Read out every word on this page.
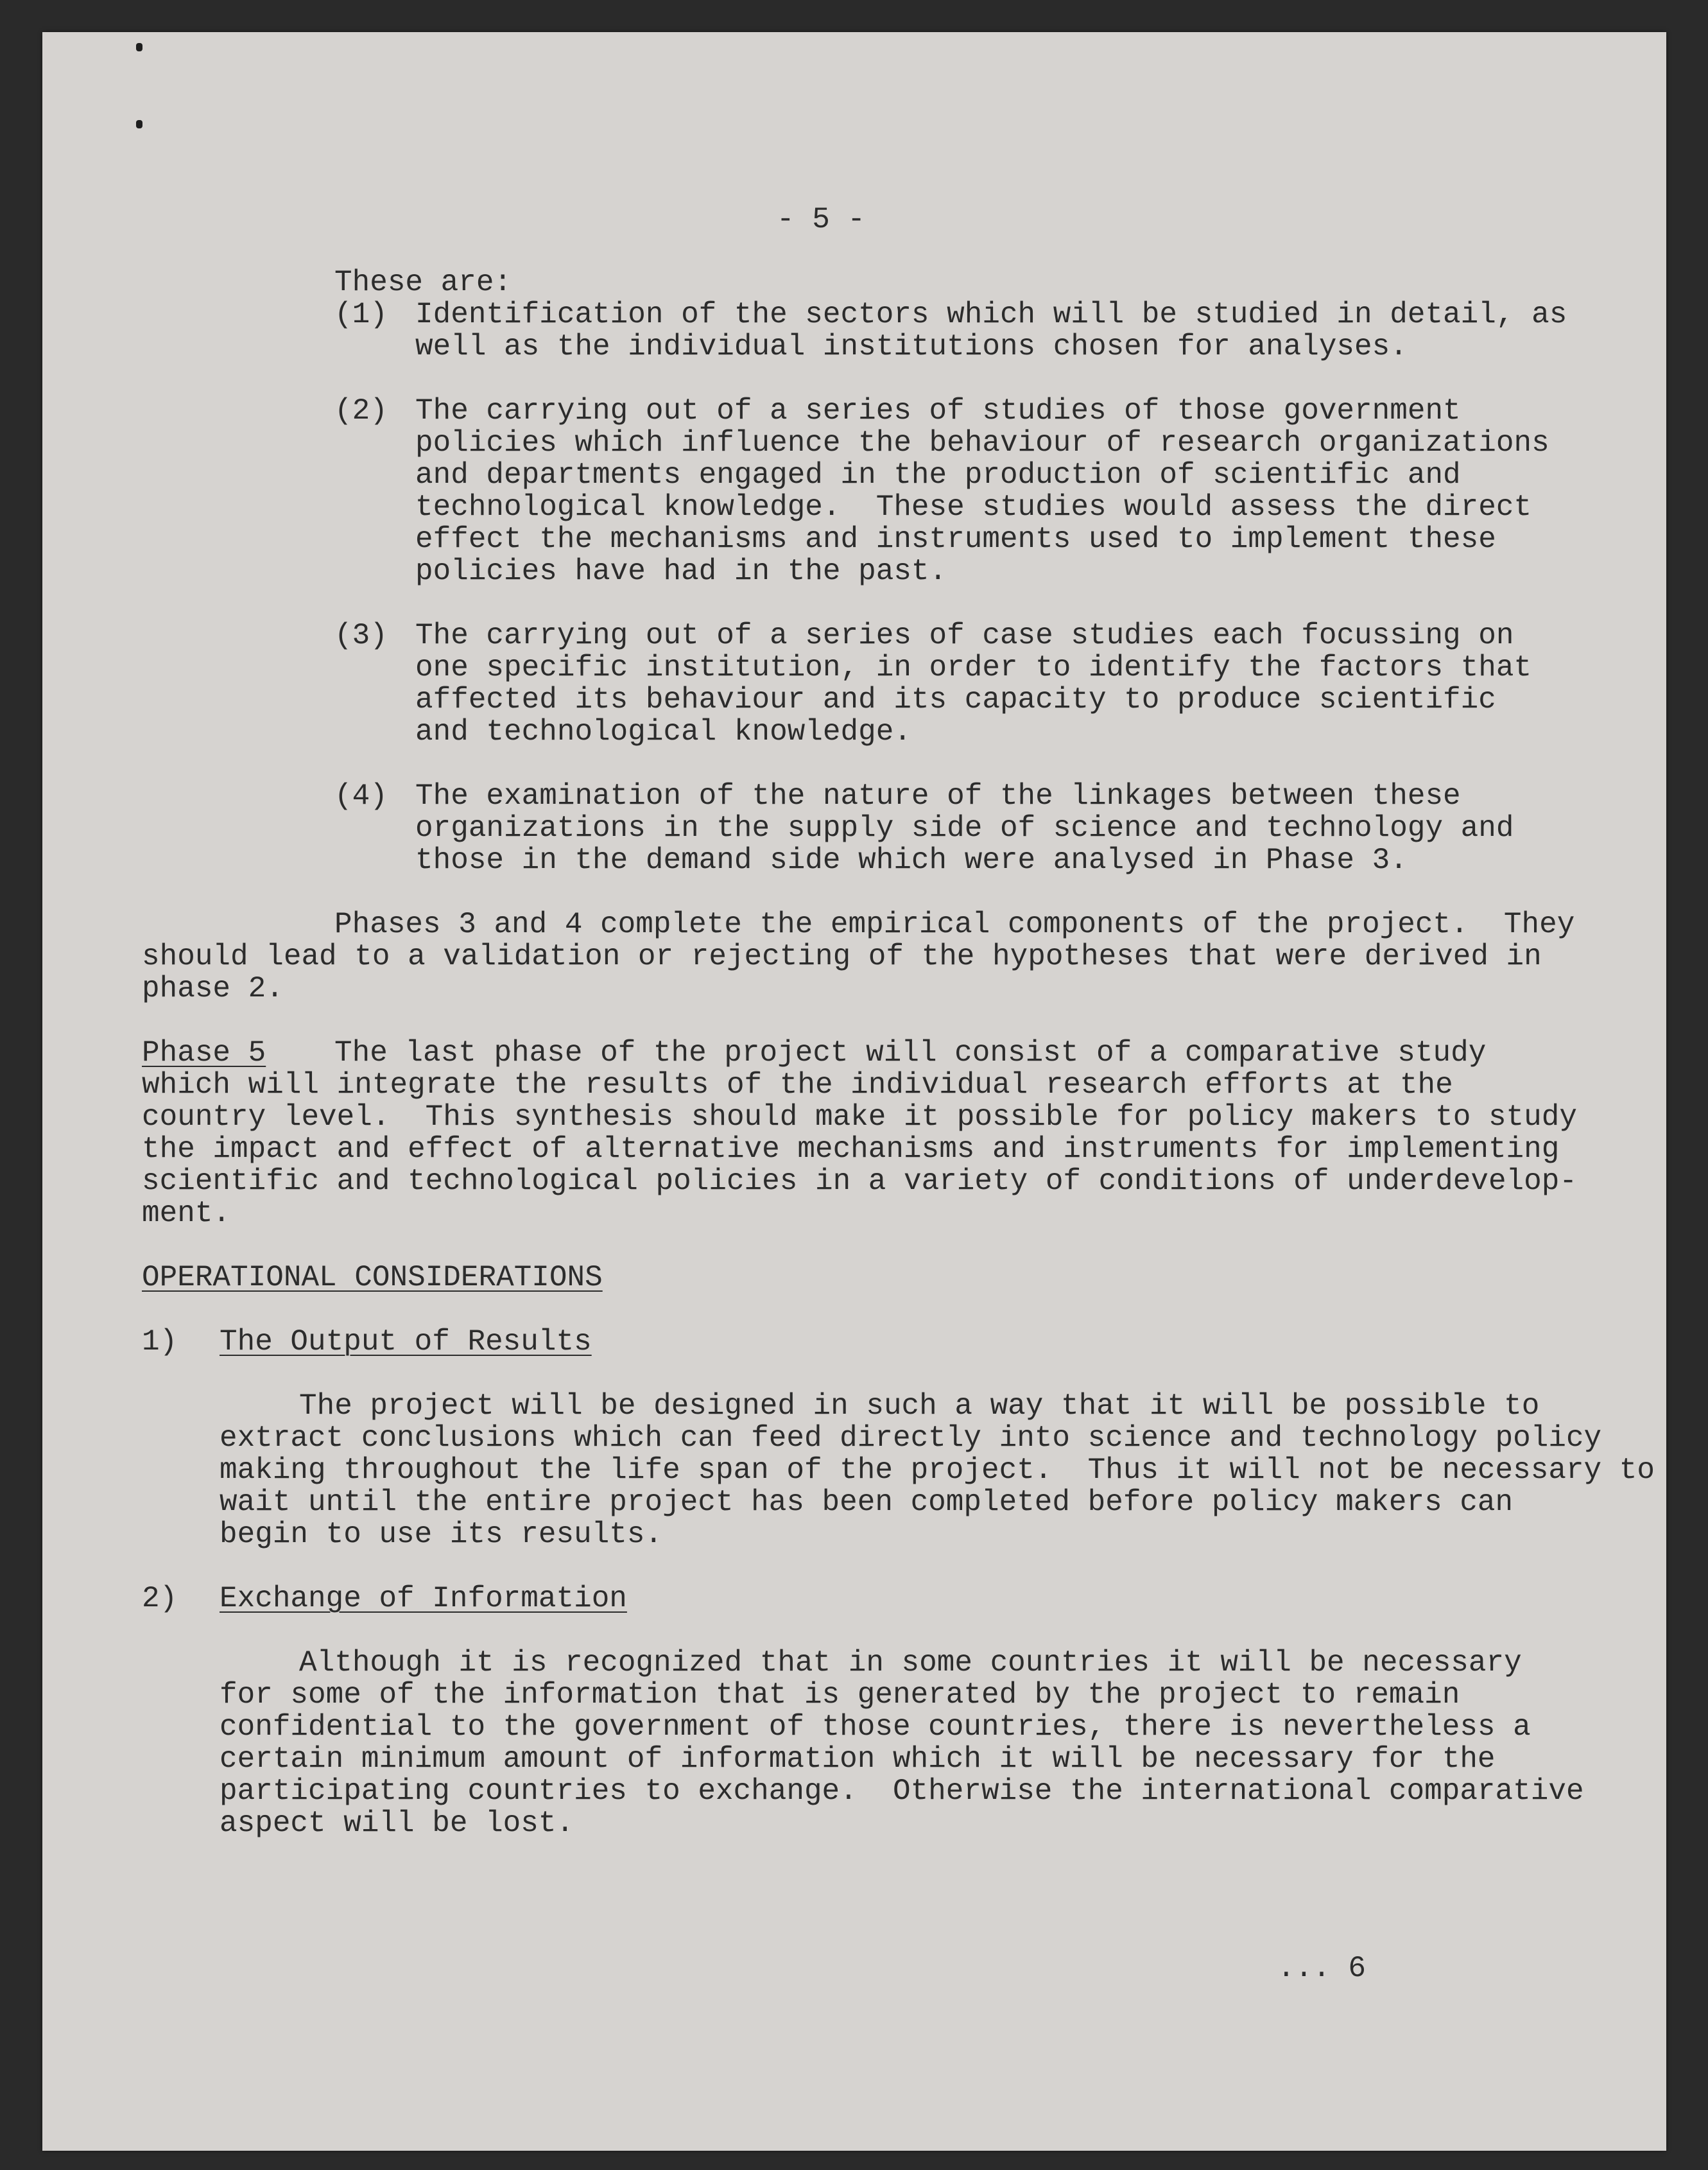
- 5 -
These are:
(1) Identification of the sectors which will be studied in detail, as
well as the individual institutions chosen for analyses.
(2) The carrying out of a series of studies of those government
policies which influence the behaviour of research organizations
and departments engaged in the production of scientific and
technological knowledge.  These studies would assess the direct
effect the mechanisms and instruments used to implement these
policies have had in the past.
(3) The carrying out of a series of case studies each focussing on
one specific institution, in order to identify the factors that
affected its behaviour and its capacity to produce scientific
and technological knowledge.
(4) The examination of the nature of the linkages between these
organizations in the supply side of science and technology and
those in the demand side which were analysed in Phase 3.
Phases 3 and 4 complete the empirical components of the project.  They
should lead to a validation or rejecting of the hypotheses that were derived in
phase 2.
Phase 5 The last phase of the project will consist of a comparative study
which will integrate the results of the individual research efforts at the
country level.  This synthesis should make it possible for policy makers to study
the impact and effect of alternative mechanisms and instruments for implementing
scientific and technological policies in a variety of conditions of underdevelop-
ment.
OPERATIONAL CONSIDERATIONS
1) The Output of Results
The project will be designed in such a way that it will be possible to
extract conclusions which can feed directly into science and technology policy
making throughout the life span of the project.  Thus it will not be necessary to
wait until the entire project has been completed before policy makers can
begin to use its results.
2) Exchange of Information
Although it is recognized that in some countries it will be necessary
for some of the information that is generated by the project to remain
confidential to the government of those countries, there is nevertheless a
certain minimum amount of information which it will be necessary for the
participating countries to exchange.  Otherwise the international comparative
aspect will be lost.
... 6
